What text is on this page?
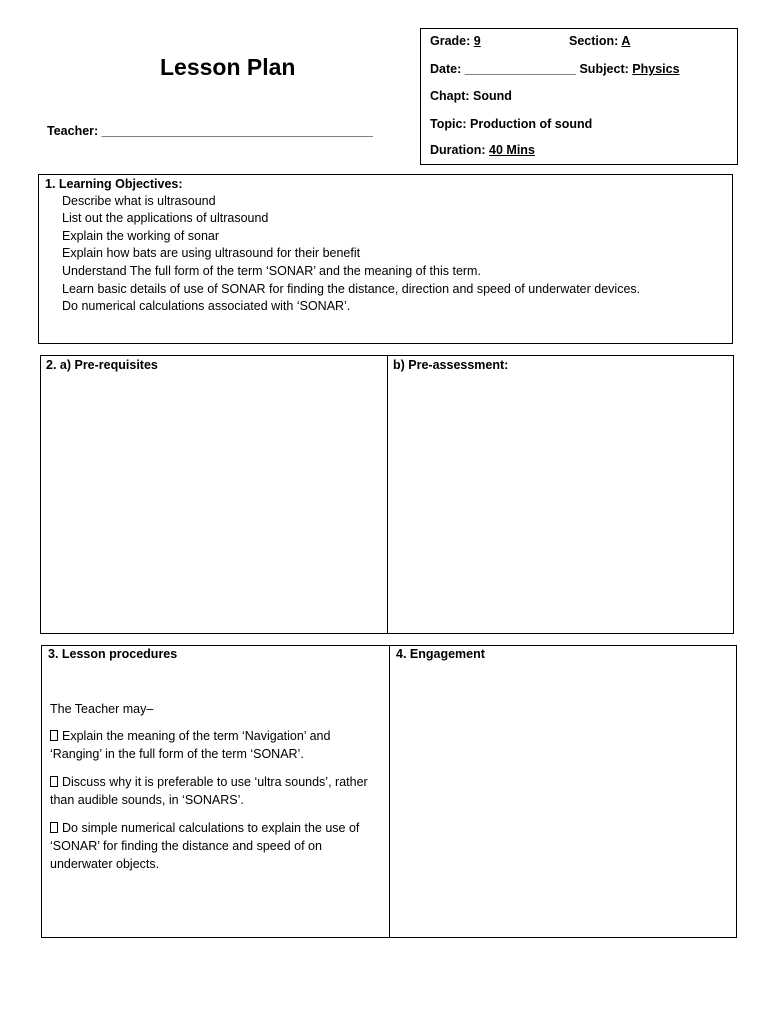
Lesson Plan
Teacher: _______________________________________
Grade: 9	Section: A
Date: ________________ Subject: Physics
Chapt: Sound
Topic: Production of sound
Duration: 40 Mins
1. Learning Objectives:
Describe what is ultrasound
List out the applications of ultrasound
Explain the working of sonar
Explain how bats are using ultrasound for their benefit
Understand The full form of the term ‘SONAR’ and the meaning of this term.
Learn basic details of use of SONAR for finding the distance, direction and speed of underwater devices.
Do numerical calculations associated with ‘SONAR’.
2. a) Pre-requisites	b) Pre-assessment:
3. Lesson procedures	4. Engagement
The Teacher may–
Explain the meaning of the term ‘Navigation’ and
‘Ranging’ in the full form of the term ‘SONAR’.
Discuss why it is preferable to use ‘ultra sounds’, rather
than audible sounds, in ‘SONARS’.
Do simple numerical calculations to explain the use of
‘SONAR’ for finding the distance and speed of on
underwater objects.
